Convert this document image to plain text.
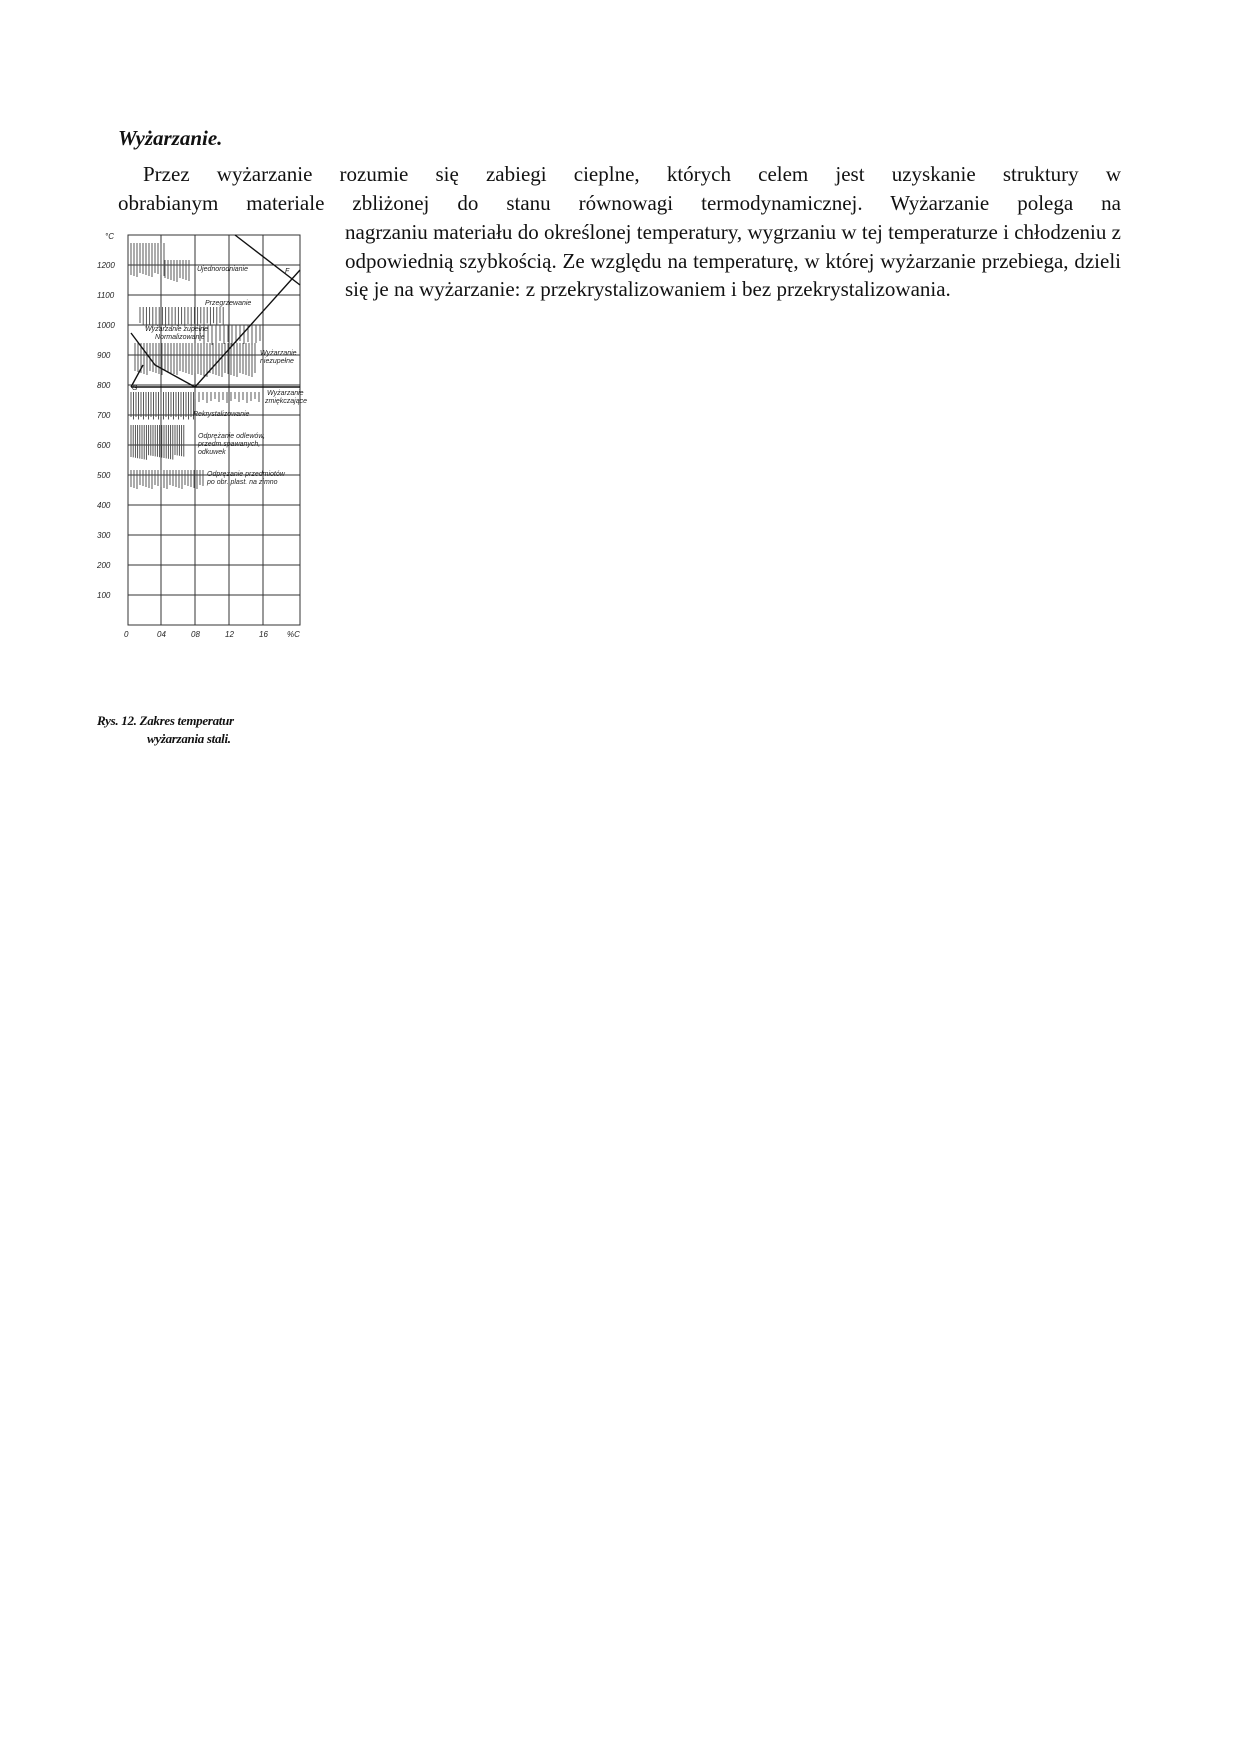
Wyżarzanie.

Przez wyżarzanie rozumie się zabiegi cieplne, których celem jest uzyskanie struktury w
obrabianym materiale zbliżonej do stanu równowagi termodynamicznej. Wyżarzanie polega na

nagrzaniu materiału do określonej temperatury, wygrzaniu w tej temperaturze i chłodzeniu z odpowiednią szybkością. Ze względu na temperaturę, w której wyżarzanie przebiega, dzieli się je na wyżarzanie: z przekrystalizowaniem i bez przekrystalizowania.

F
G
Ujednorodnianie
Przegrzewanie
Wyżarzanie zupełne
Normalizowanie
Wyżarzanie
niezupełne
Wyżarzanie
zmiękczające
Rekrystalizowanie
Odprężanie odlewów,
przedm.spawanych,
odkuwek
Odprężanie przedmiotów
po obr. plast. na zimno
°C
1200
1100
1000
900
800
700
600
500
400
300
200
100
0	04	08	12	16 %C
Rys. 12. Zakres temperatur
wyżarzania stali.
